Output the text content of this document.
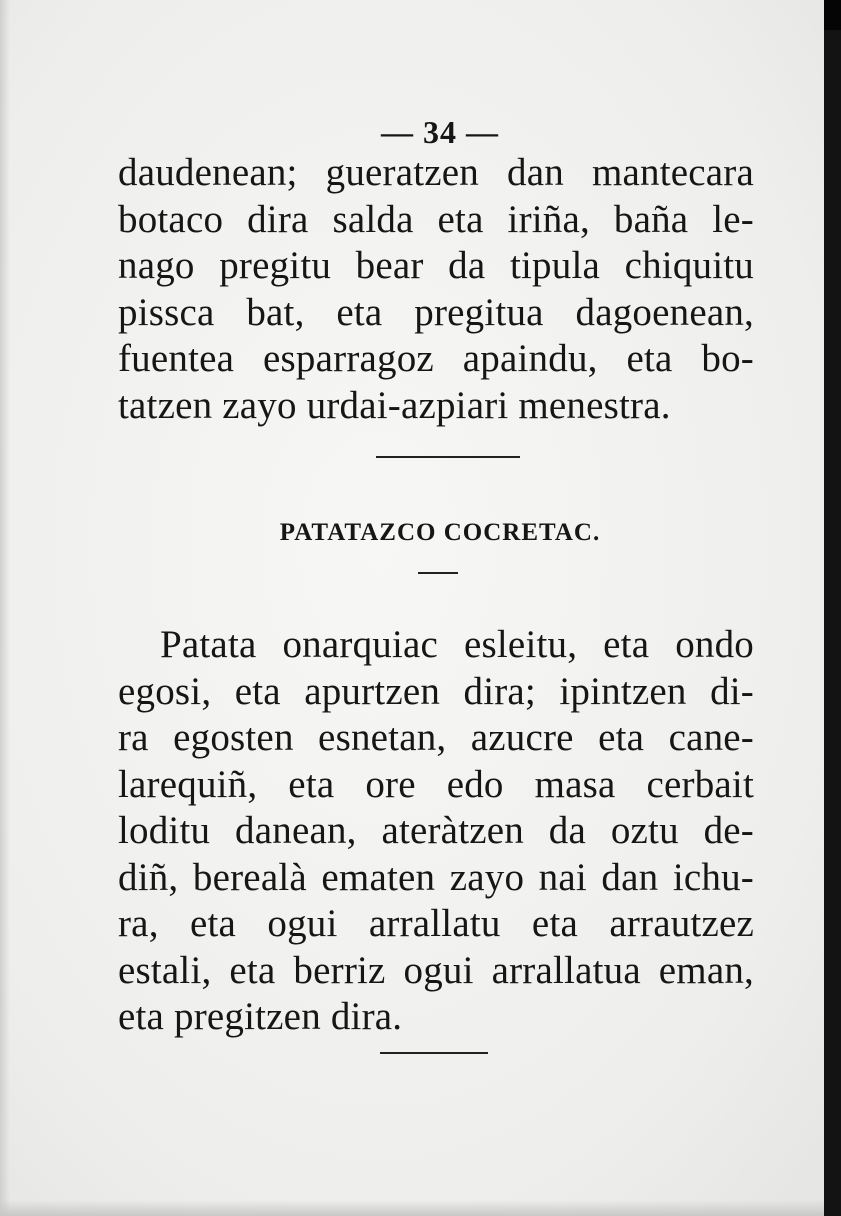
— 34 —
daudenean; gueratzen dan mantecara
botaco dira salda eta iriña, baña le-
nago pregitu bear da tipula chiquitu
pissca bat, eta pregitua dagoenean,
fuentea esparragoz apaindu, eta bo-
tatzen zayo urdai-azpiari menestra.
PATATAZCO COCRETAC.
Patata onarquiac esleitu, eta ondo
egosi, eta apurtzen dira; ipintzen di-
ra egosten esnetan, azucre eta cane-
larequiñ, eta ore edo masa cerbait
loditu danean, ateràtzen da oztu de-
diñ, berealà ematen zayo nai dan ichu-
ra, eta ogui arrallatu eta arrautzez
estali, eta berriz ogui arrallatua eman,
eta pregitzen dira.
